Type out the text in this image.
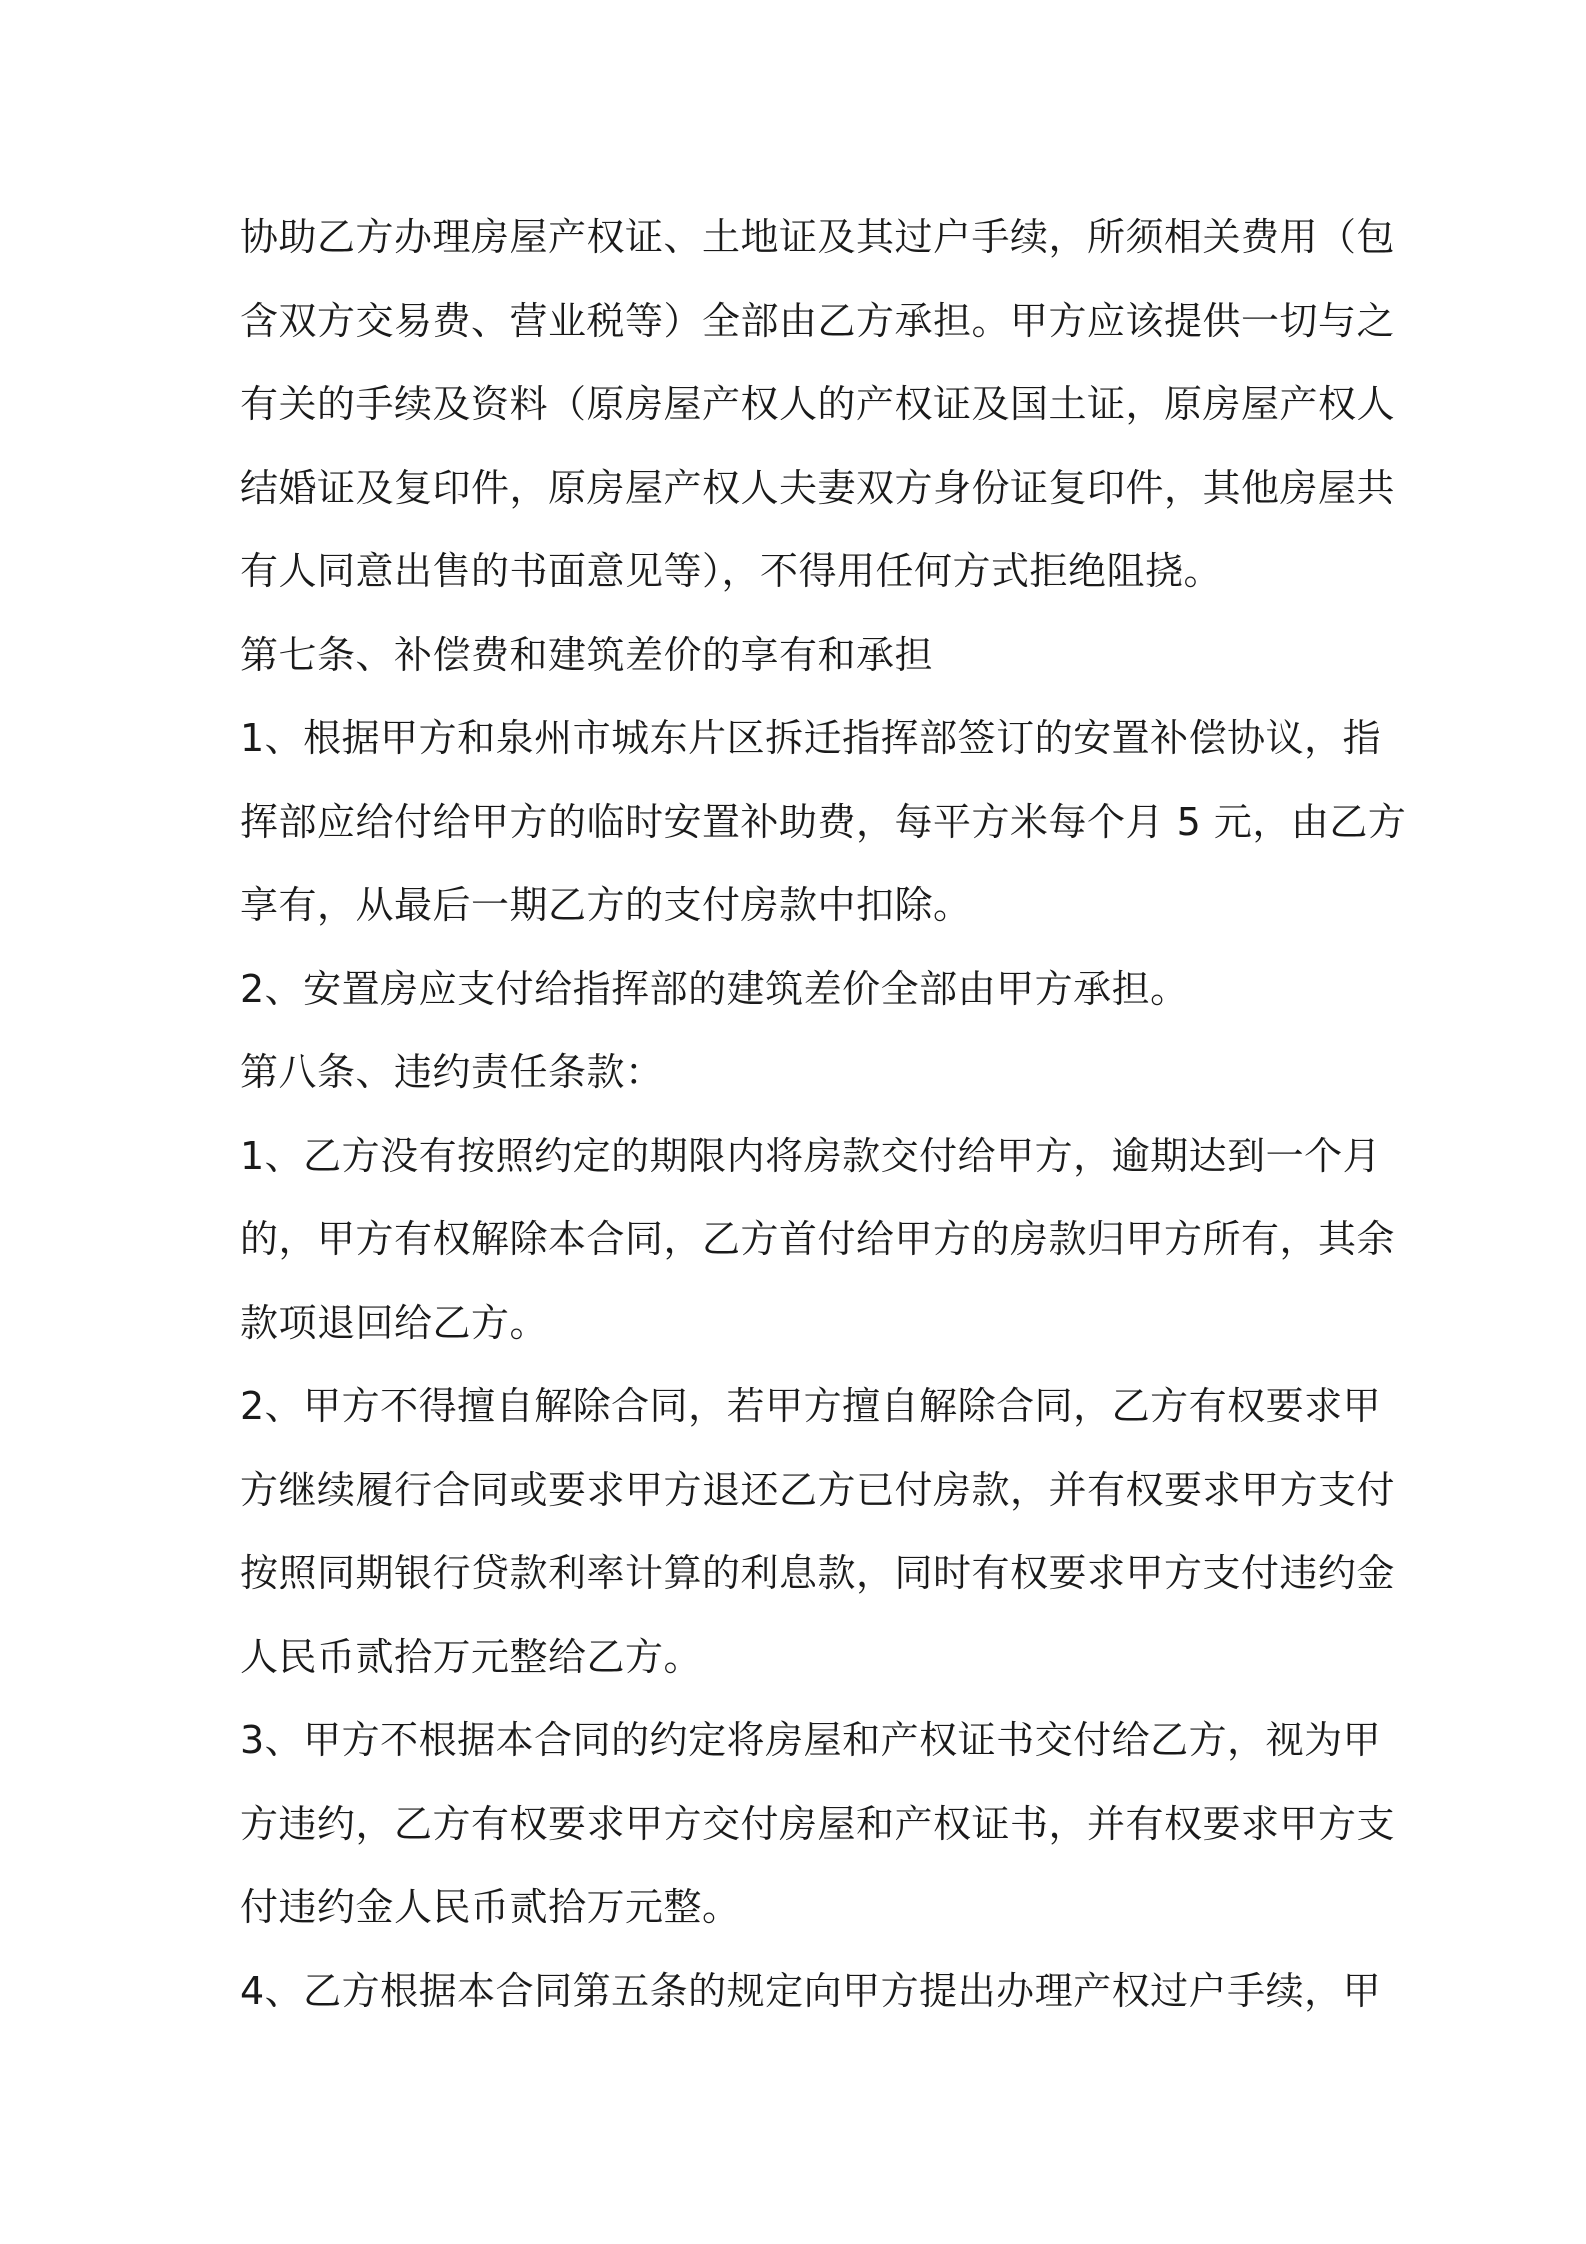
协助乙方办理房屋产权证、土地证及其过户手续，所须相关费用（包
含双方交易费、营业税等）全部由乙方承担。甲方应该提供一切与之
有关的手续及资料（原房屋产权人的产权证及国土证，原房屋产权人
结婚证及复印件，原房屋产权人夫妻双方身份证复印件，其他房屋共
有人同意出售的书面意见等），不得用任何方式拒绝阻挠。
第七条、补偿费和建筑差价的享有和承担
1、根据甲方和泉州市城东片区拆迁指挥部签订的安置补偿协议，指
挥部应给付给甲方的临时安置补助费，每平方米每个月 5 元，由乙方
享有，从最后一期乙方的支付房款中扣除。
2、安置房应支付给指挥部的建筑差价全部由甲方承担。
第八条、违约责任条款：
1、乙方没有按照约定的期限内将房款交付给甲方，逾期达到一个月
的，甲方有权解除本合同，乙方首付给甲方的房款归甲方所有，其余
款项退回给乙方。
2、甲方不得擅自解除合同，若甲方擅自解除合同，乙方有权要求甲
方继续履行合同或要求甲方退还乙方已付房款，并有权要求甲方支付
按照同期银行贷款利率计算的利息款，同时有权要求甲方支付违约金
人民币贰拾万元整给乙方。
3、甲方不根据本合同的约定将房屋和产权证书交付给乙方，视为甲
方违约，乙方有权要求甲方交付房屋和产权证书，并有权要求甲方支
付违约金人民币贰拾万元整。
4、乙方根据本合同第五条的规定向甲方提出办理产权过户手续，甲
